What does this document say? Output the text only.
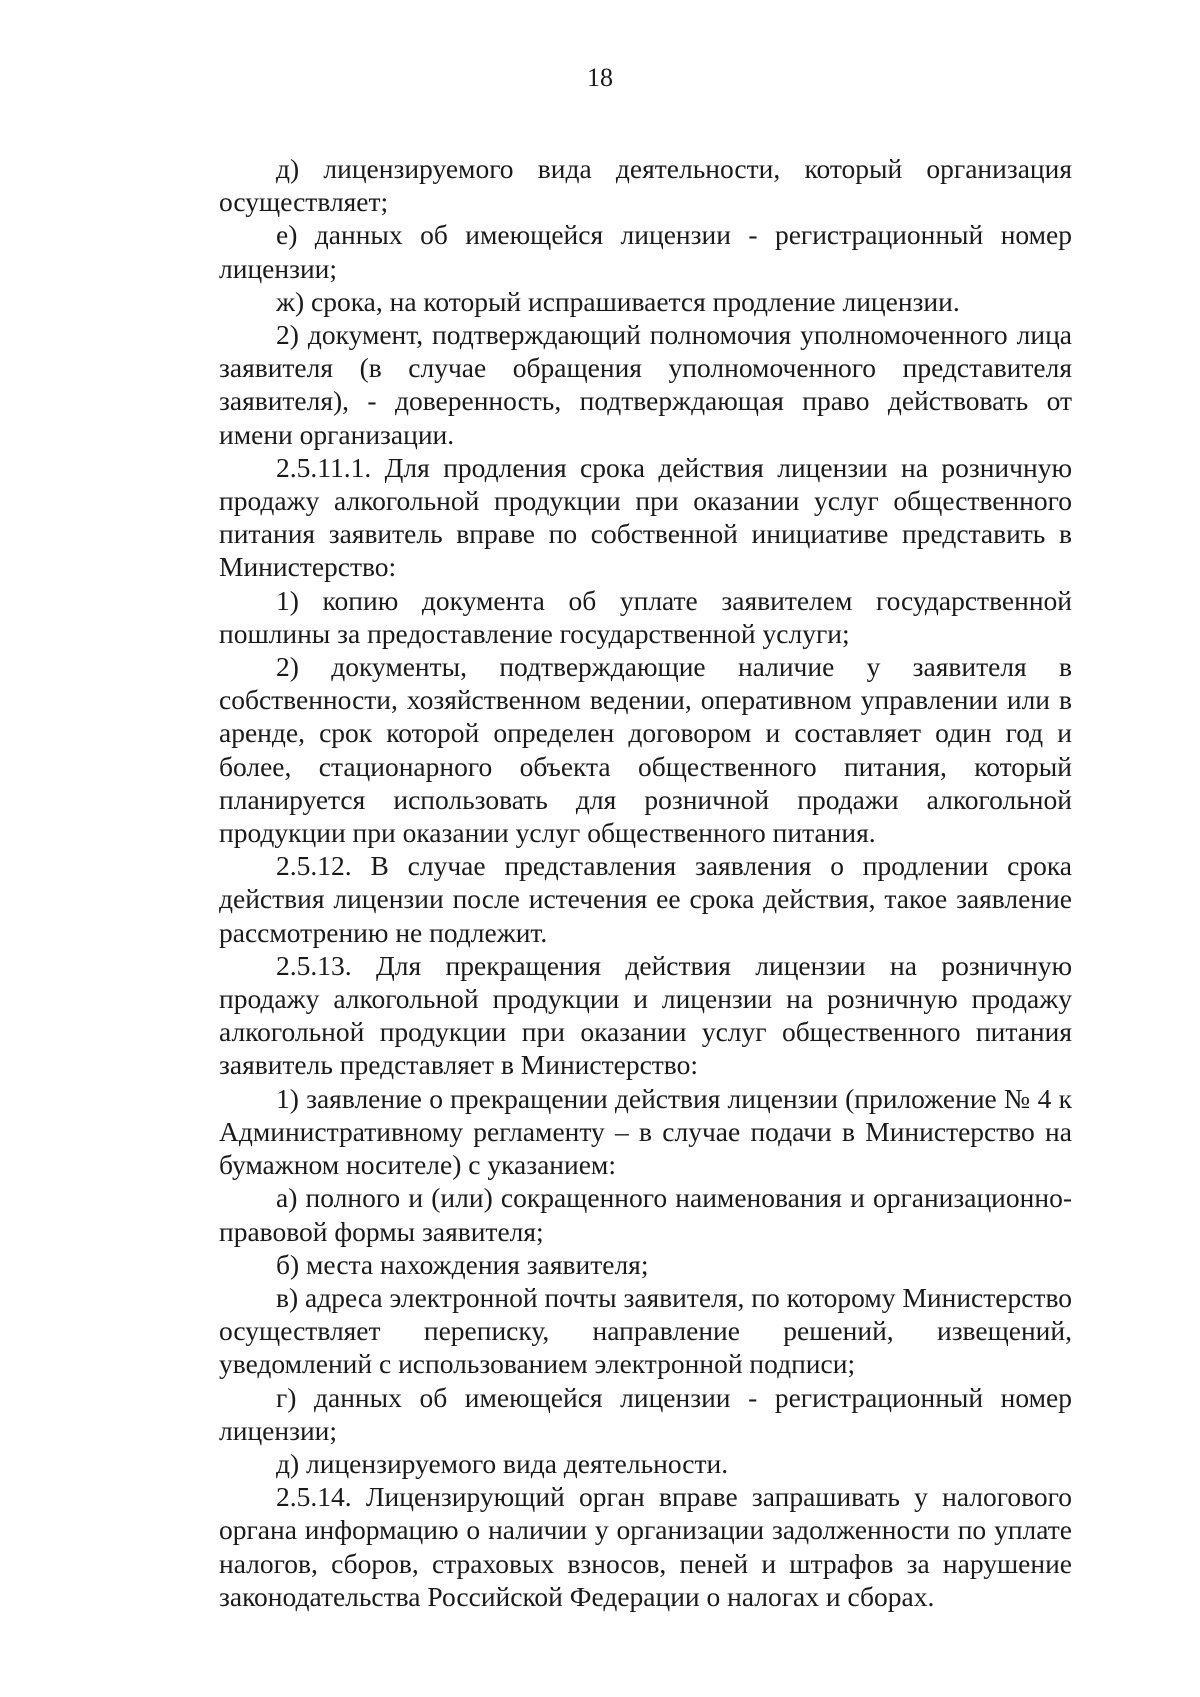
18

д) лицензируемого вида деятельности, который организация осуществляет;

е) данных об имеющейся лицензии - регистрационный номер лицензии;

ж) срока, на который испрашивается продление лицензии.

2) документ, подтверждающий полномочия уполномоченного лица заявителя (в случае обращения уполномоченного представителя заявителя), - доверенность, подтверждающая право действовать от имени организации.

2.5.11.1. Для продления срока действия лицензии на розничную продажу алкогольной продукции при оказании услуг общественного питания заявитель вправе по собственной инициативе представить в Министерство:

1) копию документа об уплате заявителем государственной пошлины за предоставление государственной услуги;

2) документы, подтверждающие наличие у заявителя в собственности, хозяйственном ведении, оперативном управлении или в аренде, срок которой определен договором и составляет один год и более, стационарного объекта общественного питания, который планируется использовать для розничной продажи алкогольной продукции при оказании услуг общественного питания.

2.5.12. В случае представления заявления о продлении срока действия лицензии после истечения ее срока действия, такое заявление рассмотрению не подлежит.

2.5.13. Для прекращения действия лицензии на розничную продажу алкогольной продукции и лицензии на розничную продажу алкогольной продукции при оказании услуг общественного питания заявитель представляет в Министерство:

1) заявление о прекращении действия лицензии (приложение № 4 к Административному регламенту – в случае подачи в Министерство на бумажном носителе) с указанием:

а) полного и (или) сокращенного наименования и организационно-правовой формы заявителя;

б) места нахождения заявителя;

в) адреса электронной почты заявителя, по которому Министерство осуществляет переписку, направление решений, извещений, уведомлений с использованием электронной подписи;

г) данных об имеющейся лицензии - регистрационный номер лицензии;

д) лицензируемого вида деятельности.

2.5.14. Лицензирующий орган вправе запрашивать у налогового органа информацию о наличии у организации задолженности по уплате налогов, сборов, страховых взносов, пеней и штрафов за нарушение законодательства Российской Федерации о налогах и сборах.
